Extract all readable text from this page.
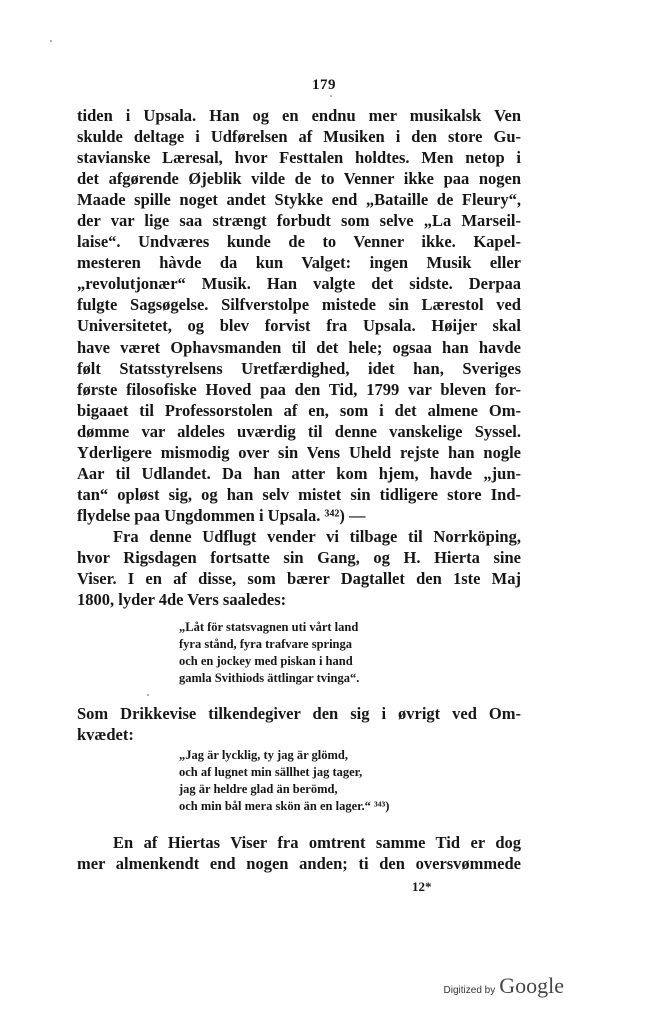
179
tiden i Upsala. Han og en endnu mer musikalsk Ven
skulde deltage i Udførelsen af Musiken i den store Gu-
stavianske Læresal, hvor Festtalen holdtes. Men netop i
det afgørende Øjeblik vilde de to Venner ikke paa nogen
Maade spille noget andet Stykke end „Bataille de Fleury“,
der var lige saa strængt forbudt som selve „La Marseil-
laise“. Undværes kunde de to Venner ikke. Kapel-
mesteren hàvde da kun Valget: ingen Musik eller
„revolutjonær“ Musik. Han valgte det sidste. Derpaa
fulgte Sagsøgelse. Silfverstolpe mistede sin Lærestol ved
Universitetet, og blev forvist fra Upsala. Høijer skal
have været Ophavsmanden til det hele; ogsaa han havde
følt Statsstyrelsens Uretfærdighed, idet han, Sveriges
første filosofiske Hoved paa den Tid, 1799 var bleven for-
bigaaet til Professorstolen af en, som i det almene Om-
dømme var aldeles uværdig til denne vanskelige Syssel.
Yderligere mismodig over sin Vens Uheld rejste han nogle
Aar til Udlandet. Da han atter kom hjem, havde „jun-
tan“ opløst sig, og han selv mistet sin tidligere store Ind-
flydelse paa Ungdommen i Upsala. ³⁴²) —
Fra denne Udflugt vender vi tilbage til Norrköping,
hvor Rigsdagen fortsatte sin Gang, og H. Hierta sine
Viser. I en af disse, som bærer Dagtallet den 1ste Maj
1800, lyder 4de Vers saaledes:
„Låt för statsvagnen uti vårt land
fyra stånd, fyra trafvare springa
och en jockey med piskan i hand
gamla Svithiods ättlingar tvinga“.
Som Drikkevise tilkendegiver den sig i øvrigt ved Om-
kvædet:
„Jag är lycklig, ty jag är glömd,
och af lugnet min sällhet jag tager,
jag är heldre glad än berömd,
och min bål mera skön än en lager.“ ³⁴³)
En af Hiertas Viser fra omtrent samme Tid er dog
mer almenkendt end nogen anden; ti den oversvømmede
12*
Digitized by Google
